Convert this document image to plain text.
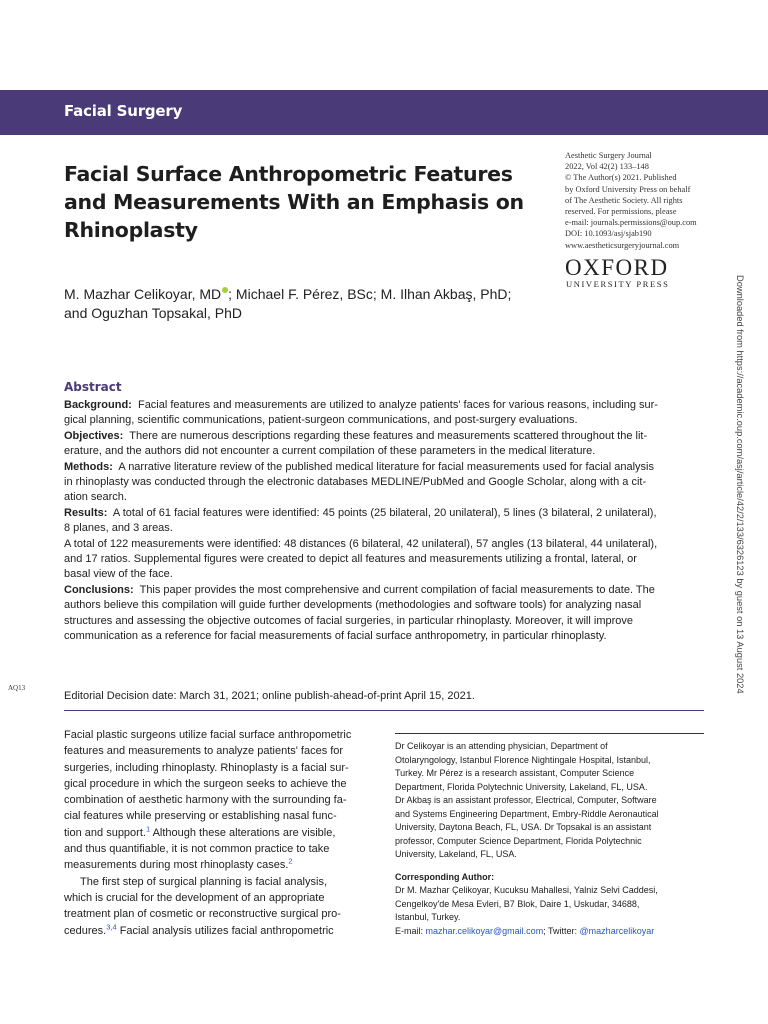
Facial Surgery
Facial Surface Anthropometric Features
and Measurements With an Emphasis on
Rhinoplasty
Aesthetic Surgery Journal
2022, Vol 42(2) 133–148
© The Author(s) 2021. Published
by Oxford University Press on behalf
of The Aesthetic Society. All rights
reserved. For permissions, please
e-mail: journals.permissions@oup.com
DOI: 10.1093/asj/sjab190
www.aestheticsurgeryjournal.com
OXFORD
UNIVERSITY PRESS
M. Mazhar Celikoyar, MD ; Michael F. Pérez, BSc; M. Ilhan Akbaş, PhD;
and Oguzhan Topsakal, PhD
Abstract
Background: Facial features and measurements are utilized to analyze patients' faces for various reasons, including sur-
gical planning, scientific communications, patient-surgeon communications, and post-surgery evaluations.
Objectives: There are numerous descriptions regarding these features and measurements scattered throughout the lit-
erature, and the authors did not encounter a current compilation of these parameters in the medical literature.
Methods: A narrative literature review of the published medical literature for facial measurements used for facial analysis
in rhinoplasty was conducted through the electronic databases MEDLINE/PubMed and Google Scholar, along with a cit-
ation search.
Results: A total of 61 facial features were identified: 45 points (25 bilateral, 20 unilateral), 5 lines (3 bilateral, 2 unilateral),
8 planes, and 3 areas.
A total of 122 measurements were identified: 48 distances (6 bilateral, 42 unilateral), 57 angles (13 bilateral, 44 unilateral),
and 17 ratios. Supplemental figures were created to depict all features and measurements utilizing a frontal, lateral, or
basal view of the face.
Conclusions: This paper provides the most comprehensive and current compilation of facial measurements to date. The
authors believe this compilation will guide further developments (methodologies and software tools) for analyzing nasal
structures and assessing the objective outcomes of facial surgeries, in particular rhinoplasty. Moreover, it will improve
communication as a reference for facial measurements of facial surface anthropometry, in particular rhinoplasty.
AQ13
Editorial Decision date: March 31, 2021; online publish-ahead-of-print April 15, 2021.
Facial plastic surgeons utilize facial surface anthropometric
features and measurements to analyze patients' faces for
surgeries, including rhinoplasty. Rhinoplasty is a facial sur-
gical procedure in which the surgeon seeks to achieve the
combination of aesthetic harmony with the surrounding fa-
cial features while preserving or establishing nasal func-
tion and support.$^1$ Although these alterations are visible,
and thus quantifiable, it is not common practice to take
measurements during most rhinoplasty cases.$^2$
The first step of surgical planning is facial analysis,
which is crucial for the development of an appropriate
treatment plan of cosmetic or reconstructive surgical pro-
cedures.$^{3,4}$ Facial analysis utilizes facial anthropometric
Dr Celikoyar is an attending physician, Department of
Otolaryngology, Istanbul Florence Nightingale Hospital, Istanbul,
Turkey. Mr Pérez is a research assistant, Computer Science
Department, Florida Polytechnic University, Lakeland, FL, USA.
Dr Akbaş is an assistant professor, Electrical, Computer, Software
and Systems Engineering Department, Embry-Riddle Aeronautical
University, Daytona Beach, FL, USA. Dr Topsakal is an assistant
professor, Computer Science Department, Florida Polytechnic
University, Lakeland, FL, USA.
Corresponding Author:
Dr M. Mazhar Çelikoyar, Kucuksu Mahallesi, Yalniz Selvi Caddesi,
Cengelkoy'de Mesa Evleri, B7 Blok, Daire 1, Uskudar, 34688,
Istanbul, Turkey.
E-mail: mazhar.celikoyar@gmail.com; Twitter: @mazharcelikoyar
Downloaded from https://academic.oup.com/asj/article/42/2/133/6326123 by guest on 13 August 2024
